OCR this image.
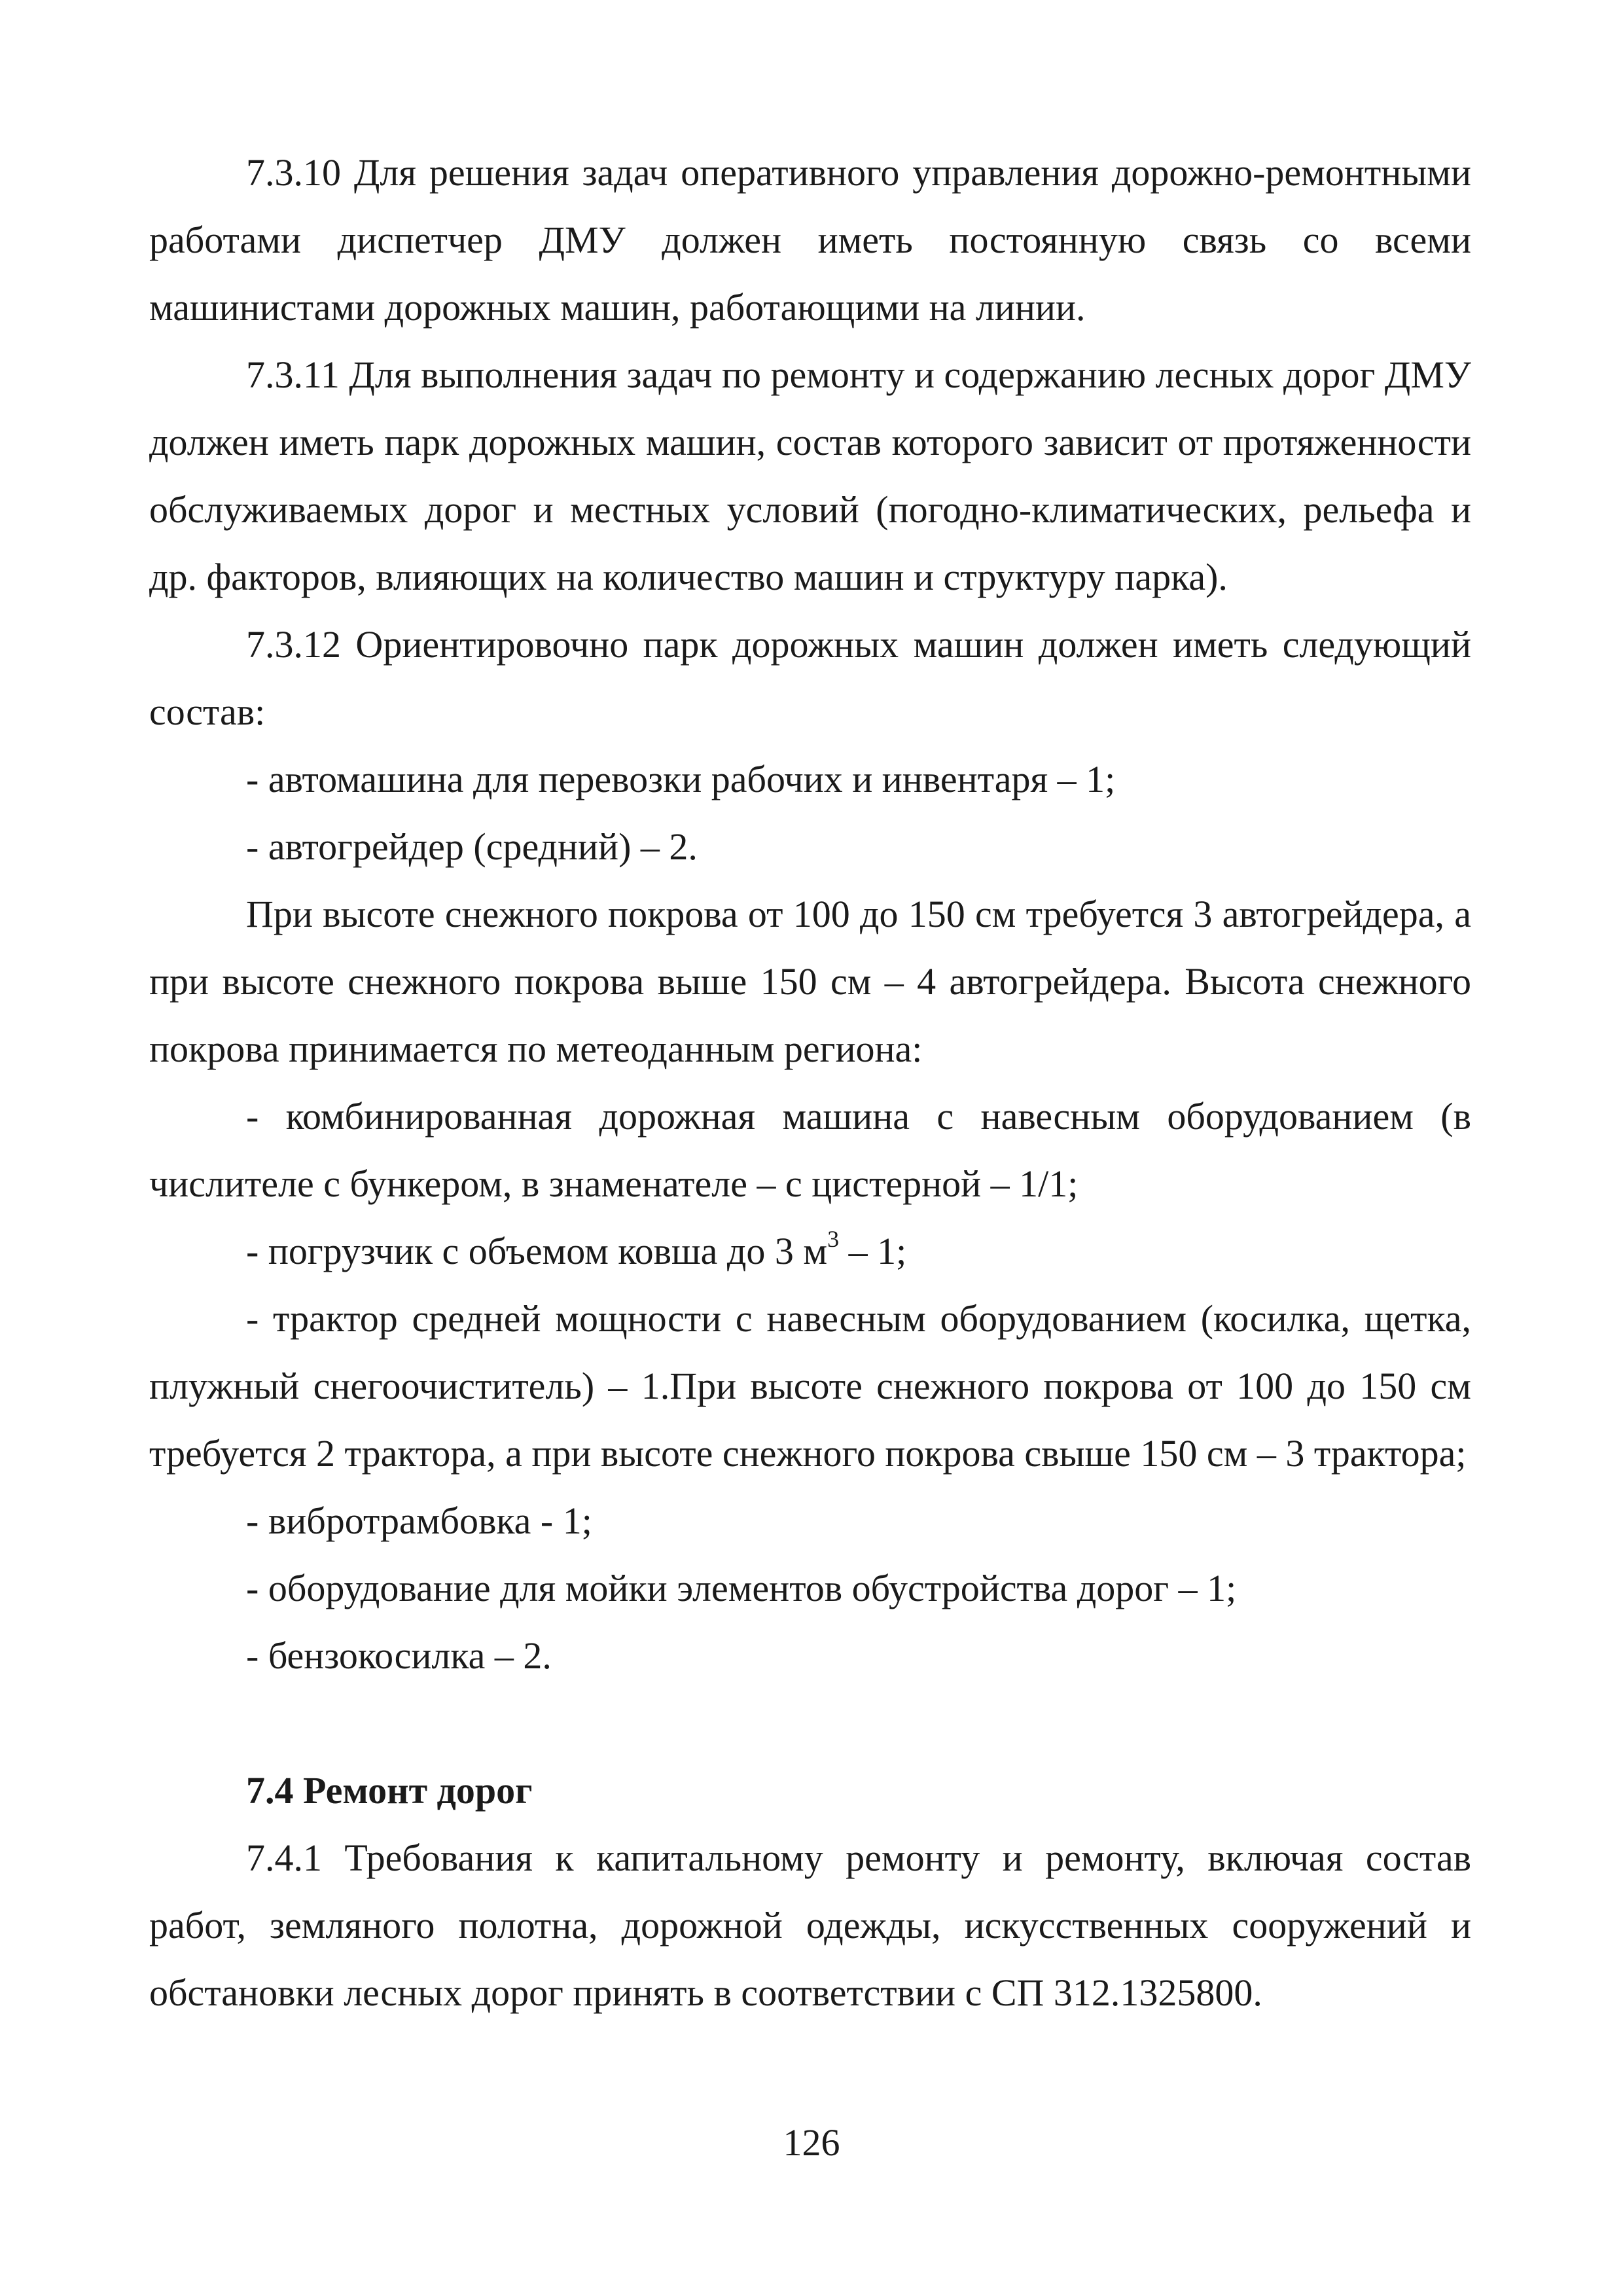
7.3.10 Для решения задач оперативного управления дорожно-ремонтными работами диспетчер ДМУ должен иметь постоянную связь со всеми машинистами дорожных машин, работающими на линии.

7.3.11 Для выполнения задач по ремонту и содержанию лесных дорог ДМУ должен иметь парк дорожных машин, состав которого зависит от протяженности обслуживаемых дорог и местных условий (погодно-климатических, рельефа и др. факторов, влияющих на количество машин и структуру парка).

7.3.12 Ориентировочно парк дорожных машин должен иметь следующий состав:

- автомашина для перевозки рабочих и инвентаря – 1;

- автогрейдер (средний) – 2.

При высоте снежного покрова от 100 до 150 см требуется 3 автогрейдера, а при высоте снежного покрова выше 150 см – 4 автогрейдера. Высота снежного покрова принимается по метеоданным региона:

- комбинированная дорожная машина с навесным оборудованием (в числителе с бункером, в знаменателе – с цистерной – 1/1;

- погрузчик с объемом ковша до 3 $м^3 - 1$;

- трактор средней мощности с навесным оборудованием (косилка, щетка, плужный снегоочиститель) – 1.При высоте снежного покрова от 100 до 150 см требуется 2 трактора, а при высоте снежного покрова свыше 150 см – 3 трактора;

- вибротрамбовка - 1;

- оборудование для мойки элементов обустройства дорог – 1;

- бензокосилка – 2.

7.4 Ремонт дорог

7.4.1 Требования к капитальному ремонту и ремонту, включая состав работ, земляного полотна, дорожной одежды, искусственных сооружений и обстановки лесных дорог принять в соответствии с СП 312.1325800.

126
